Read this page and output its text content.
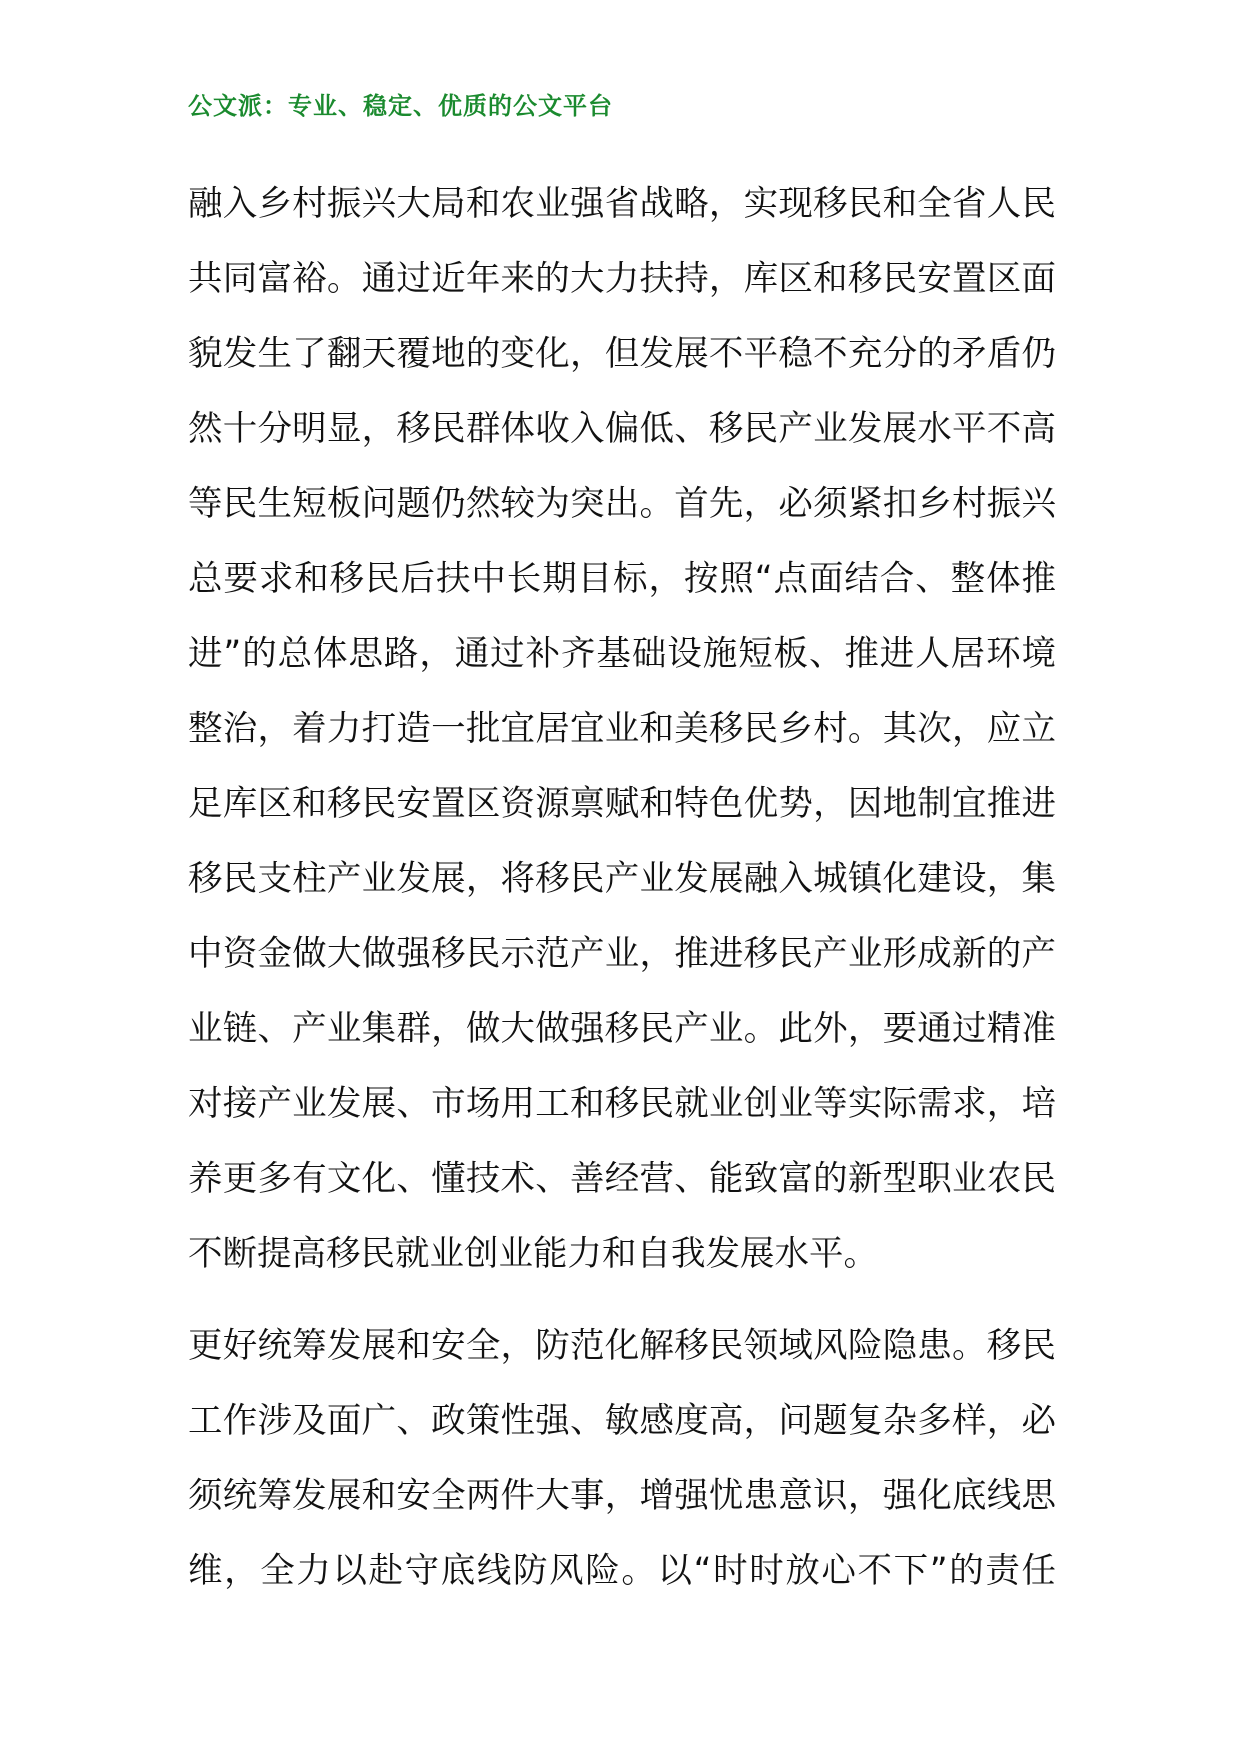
公文派：专业、稳定、优质的公文平台
融入乡村振兴大局和农业强省战略，实现移民和全省人民
共同富裕。通过近年来的大力扶持，库区和移民安置区面
貌发生了翻天覆地的变化，但发展不平稳不充分的矛盾仍
然十分明显，移民群体收入偏低、移民产业发展水平不高
等民生短板问题仍然较为突出。首先，必须紧扣乡村振兴
总要求和移民后扶中长期目标，按照“点面结合、整体推
进”的总体思路，通过补齐基础设施短板、推进人居环境
整治，着力打造一批宜居宜业和美移民乡村。其次，应立
足库区和移民安置区资源禀赋和特色优势，因地制宜推进
移民支柱产业发展，将移民产业发展融入城镇化建设，集
中资金做大做强移民示范产业，推进移民产业形成新的产
业链、产业集群，做大做强移民产业。此外，要通过精准
对接产业发展、市场用工和移民就业创业等实际需求，培
养更多有文化、懂技术、善经营、能致富的新型职业农民
不断提高移民就业创业能力和自我发展水平。
更好统筹发展和安全，防范化解移民领域风险隐患。移民
工作涉及面广、政策性强、敏感度高，问题复杂多样，必
须统筹发展和安全两件大事，增强忧患意识，强化底线思
维，全力以赴守底线防风险。以“时时放心不下”的责任
